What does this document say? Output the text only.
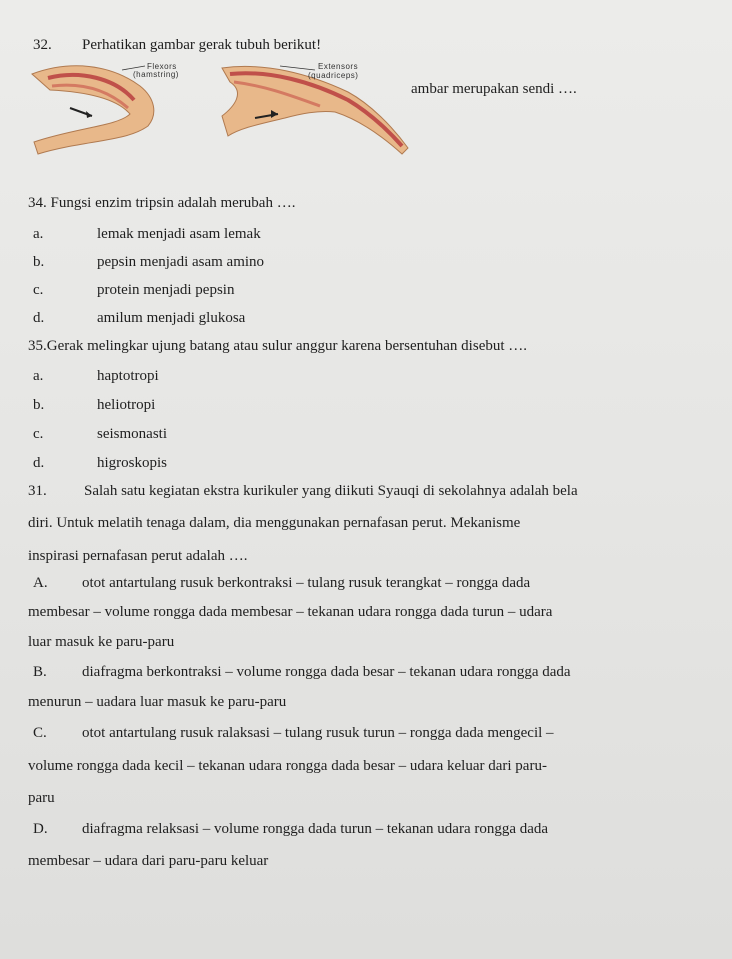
32. Perhatikan gambar gerak tubuh berikut!
Flexors
(hamstring)
Extensors
(quadriceps)
ambar merupakan sendi ….
34. Fungsi enzim tripsin adalah merubah ….
a.	lemak menjadi asam lemak
b.	pepsin menjadi asam amino
c.	protein menjadi pepsin
d.	amilum menjadi glukosa
35.Gerak melingkar ujung batang atau sulur anggur karena bersentuhan disebut ….
a.	haptotropi
b.	heliotropi
c.	seismonasti
d.	higroskopis
31. Salah satu kegiatan ekstra kurikuler yang diikuti Syauqi di sekolahnya adalah bela
diri. Untuk melatih tenaga dalam, dia menggunakan pernafasan perut. Mekanisme
inspirasi pernafasan perut adalah ….
A. otot antartulang rusuk berkontraksi – tulang rusuk terangkat – rongga dada
membesar – volume rongga dada membesar – tekanan udara rongga dada turun – udara
luar masuk ke paru-paru
B. diafragma berkontraksi – volume rongga dada besar – tekanan udara rongga dada
menurun – uadara luar masuk ke paru-paru
C. otot antartulang rusuk ralaksasi – tulang rusuk turun – rongga dada mengecil –
volume rongga dada kecil – tekanan udara rongga dada besar – udara keluar dari paru-
paru
D. diafragma relaksasi – volume rongga dada turun – tekanan udara rongga dada
membesar – udara dari paru-paru keluar
